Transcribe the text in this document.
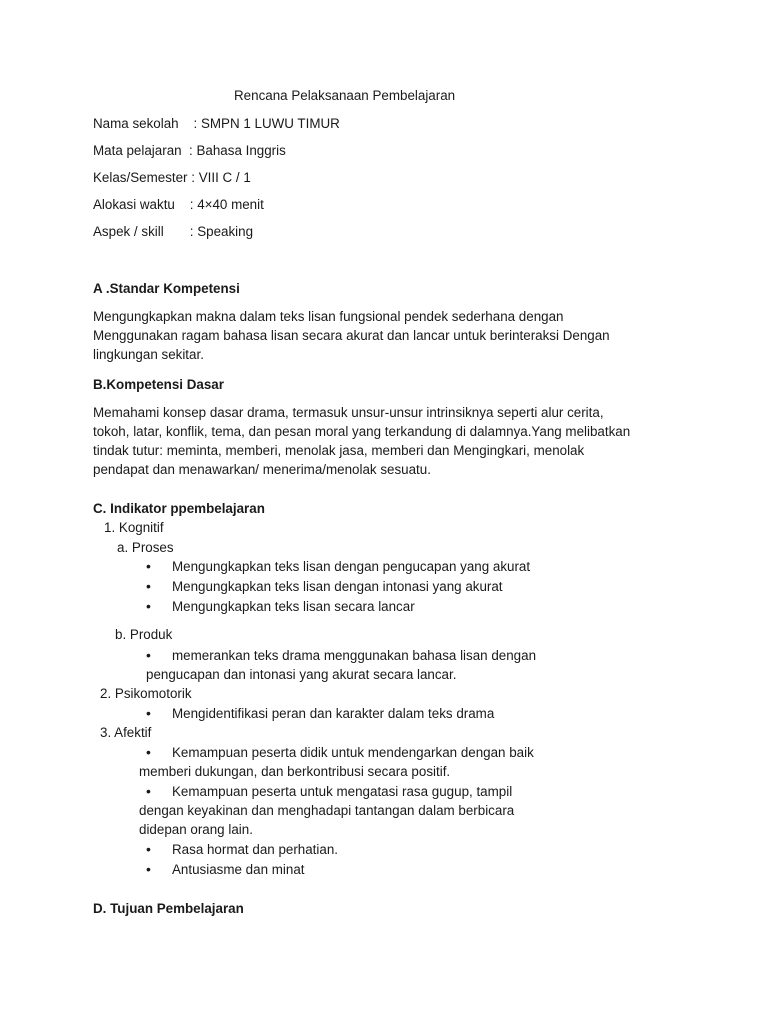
Rencana Pelaksanaan Pembelajaran
Nama sekolah    : SMPN 1 LUWU TIMUR
Mata pelajaran  : Bahasa Inggris
Kelas/Semester : VIII C / 1
Alokasi waktu    : 4×40 menit
Aspek / skill       : Speaking
A .Standar Kompetensi
Mengungkapkan makna dalam teks lisan fungsional pendek sederhana dengan
Menggunakan ragam bahasa lisan secara akurat dan lancar untuk berinteraksi Dengan
lingkungan sekitar.
B.Kompetensi Dasar
Memahami konsep dasar drama, termasuk unsur-unsur intrinsiknya seperti alur cerita,
tokoh, latar, konflik, tema, dan pesan moral yang terkandung di dalamnya.Yang melibatkan
tindak tutur: meminta, memberi, menolak jasa, memberi dan Mengingkari, menolak
pendapat dan menawarkan/ menerima/menolak sesuatu.
C. Indikator ppembelajaran
1. Kognitif
a. Proses
• Mengungkapkan teks lisan dengan pengucapan yang akurat
• Mengungkapkan teks lisan dengan intonasi yang akurat
• Mengungkapkan teks lisan secara lancar
b. Produk
• memerankan teks drama menggunakan bahasa lisan dengan
pengucapan dan intonasi yang akurat secara lancar.
2. Psikomotorik
• Mengidentifikasi peran dan karakter dalam teks drama
3. Afektif
• Kemampuan peserta didik untuk mendengarkan dengan baik
memberi dukungan, dan berkontribusi secara positif.
• Kemampuan peserta untuk mengatasi rasa gugup, tampil
dengan keyakinan dan menghadapi tantangan dalam berbicara
didepan orang lain.
• Rasa hormat dan perhatian.
• Antusiasme dan minat
D. Tujuan Pembelajaran
